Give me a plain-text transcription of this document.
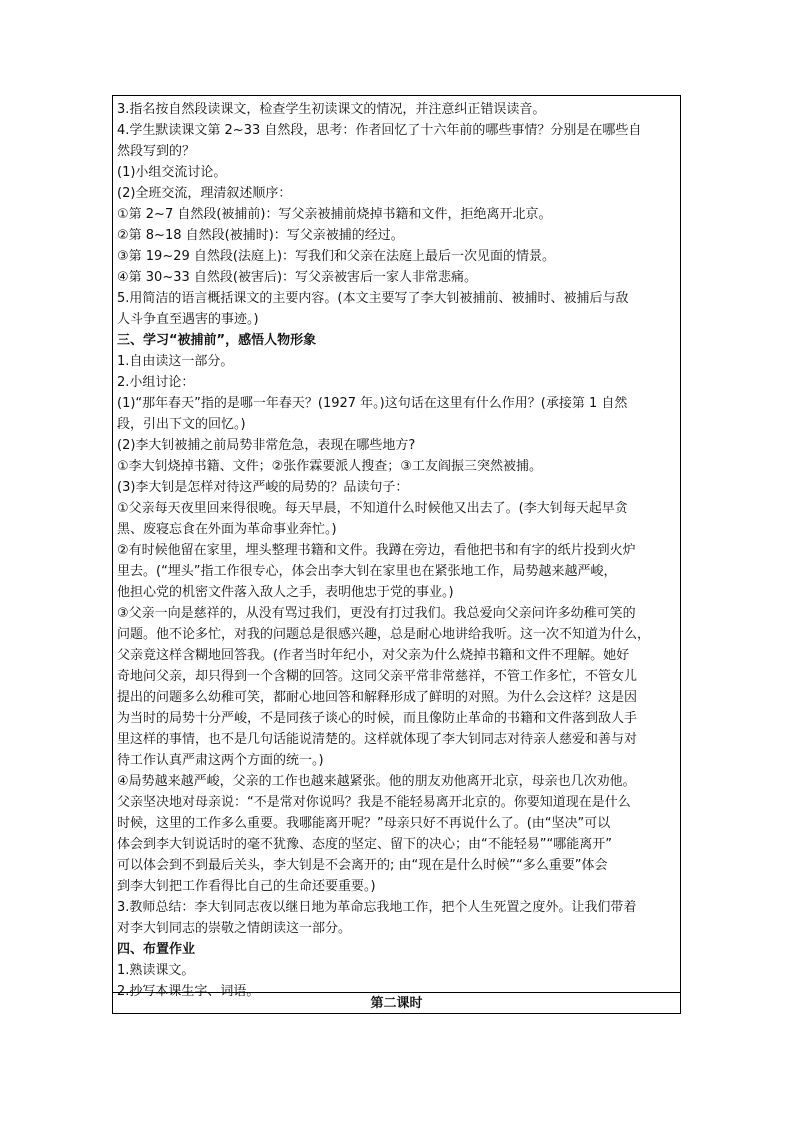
3.指名按自然段读课文，检查学生初读课文的情况，并注意纠正错误读音。
4.学生默读课文第 2~33 自然段，思考：作者回忆了十六年前的哪些事情？分别是在哪些自
然段写到的？
(1)小组交流讨论。
(2)全班交流，理清叙述顺序：
①第 2~7 自然段(被捕前)：写父亲被捕前烧掉书籍和文件，拒绝离开北京。
②第 8~18 自然段(被捕时)：写父亲被捕的经过。
③第 19~29 自然段(法庭上)：写我们和父亲在法庭上最后一次见面的情景。
④第 30~33 自然段(被害后)：写父亲被害后一家人非常悲痛。
5.用简洁的语言概括课文的主要内容。(本文主要写了李大钊被捕前、被捕时、被捕后与敌
人斗争直至遇害的事迹。)
三、学习“被捕前”，感悟人物形象
1.自由读这一部分。
2.小组讨论：
(1)“那年春天”指的是哪一年春天？(1927 年。)这句话在这里有什么作用？(承接第 1 自然
段，引出下文的回忆。)
(2)李大钊被捕之前局势非常危急，表现在哪些地方?
①李大钊烧掉书籍、文件；②张作霖要派人搜查；③工友阎振三突然被捕。
(3)李大钊是怎样对待这严峻的局势的？品读句子：
①父亲每天夜里回来得很晚。每天早晨，不知道什么时候他又出去了。(李大钊每天起早贪
黑、废寝忘食在外面为革命事业奔忙。)
②有时候他留在家里，埋头整理书籍和文件。我蹲在旁边，看他把书和有字的纸片投到火炉
里去。(“埋头”指工作很专心，体会出李大钊在家里也在紧张地工作，局势越来越严峻，
他担心党的机密文件落入敌人之手，表明他忠于党的事业。)
③父亲一向是慈祥的，从没有骂过我们，更没有打过我们。我总爱向父亲问许多幼稚可笑的
问题。他不论多忙，对我的问题总是很感兴趣，总是耐心地讲给我听。这一次不知道为什么，
父亲竟这样含糊地回答我。(作者当时年纪小，对父亲为什么烧掉书籍和文件不理解。她好
奇地问父亲，却只得到一个含糊的回答。这同父亲平常非常慈祥，不管工作多忙，不管女儿
提出的问题多么幼稚可笑，都耐心地回答和解释形成了鲜明的对照。为什么会这样？这是因
为当时的局势十分严峻，不是同孩子谈心的时候，而且像防止革命的书籍和文件落到敌人手
里这样的事情，也不是几句话能说清楚的。这样就体现了李大钊同志对待亲人慈爱和善与对
待工作认真严肃这两个方面的统一。)
④局势越来越严峻，父亲的工作也越来越紧张。他的朋友劝他离开北京，母亲也几次劝他。
父亲坚决地对母亲说：“不是常对你说吗？我是不能轻易离开北京的。你要知道现在是什么
时候，这里的工作多么重要。我哪能离开呢？”母亲只好不再说什么了。(由“坚决”可以
体会到李大钊说话时的毫不犹豫、态度的坚定、留下的决心；由“不能轻易”“哪能离开”
可以体会到不到最后关头，李大钊是不会离开的; 由“现在是什么时候”“多么重要”体会
到李大钊把工作看得比自己的生命还要重要。)
3.教师总结：李大钊同志夜以继日地为革命忘我地工作，把个人生死置之度外。让我们带着
对李大钊同志的崇敬之情朗读这一部分。
四、布置作业
1.熟读课文。
2.抄写本课生字、词语。
第二课时
